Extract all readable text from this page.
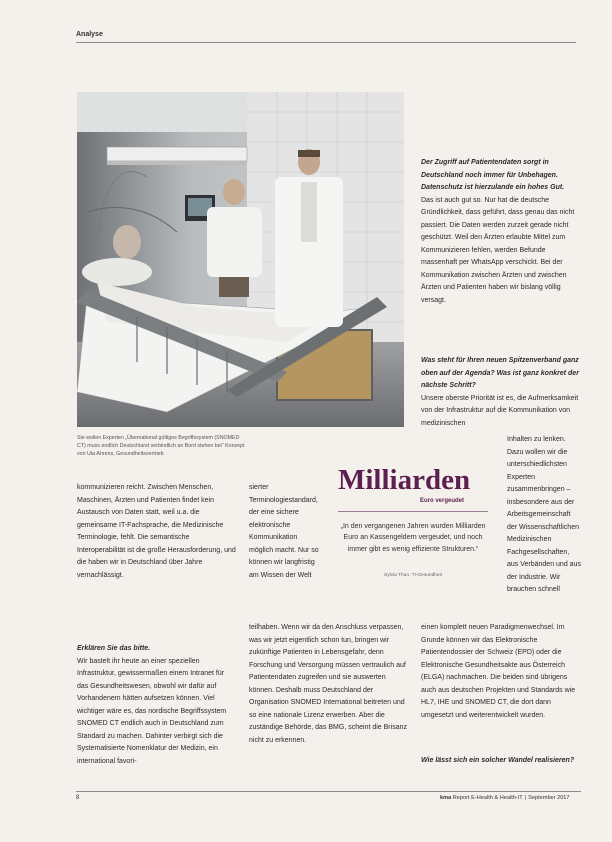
Analyse
Sie wollen Experten „Übernational gültiges Begriffssystem (SNOMED CT) muss endlich Deutschland verbindlich an Bord stehen bei“ Konzept von Uta Ahrens, Gesundheitsvertrieb
Der Zugriff auf Patientendaten sorgt in Deutschland noch immer für Unbehagen. Datenschutz ist hierzulande ein hohes Gut.
Das ist auch gut so. Nur hat die deutsche Gründlichkeit, dass geführt, dass genau das nicht passiert. Die Daten werden zurzeit gerade nicht geschützt. Weil den Ärzten erlaubte Mittel zum Kommunizieren fehlen, werden Befunde massenhaft per WhatsApp verschickt. Bei der Kommunikation zwischen Ärzten und zwischen Ärzten und Patienten haben wir bislang völlig versagt.
Was steht für Ihren neuen Spitzenverband ganz oben auf der Agenda? Was ist ganz konkret der nächste Schritt?
Unsere oberste Priorität ist es, die Aufmerksamkeit von der Infrastruktur auf die Kommunikation von medizinischen
Inhalten zu lenken. Dazu wollen wir die unterschiedlichsten Experten zusammenbringen – insbesondere aus der Arbeitsgemeinschaft der Wissenschaftlichen Medizinischen Fachgesellschaften, aus Verbänden und aus der Industrie. Wir brauchen schnell
Milliarden
Euro vergeudet
„In den vergangenen Jahren wurden Milliarden Euro an Kassengeldern vergeudet, und noch immer gibt es wenig effiziente Strukturen.“
Sylvia Thun, TI-Gesundheit
kommunizieren reicht. Zwischen Menschen, Maschinen, Ärzten und Patienten findet kein Austausch von Daten statt, weil u.a. die gemeinsame IT-Fachsprache, die Medizinische Terminologie, fehlt. Die semantische Interoperabilität ist die große Herausforderung, und die haben wir in Deutschland über Jahre vernachlässigt.
Erklären Sie das bitte.
Wir bastelt ihr heute an einer speziellen Infrastruktur, gewissermaßen einem Intranet für das Gesundheitswesen, obwohl wir dafür auf Vorhandenem hätten aufsetzen können. Viel wichtiger wäre es, das nordische Begriffssystem SNOMED CT endlich auch in Deutschland zum Standard zu machen. Dahinter verbirgt sich die Systematisierte Nomenklatur der Medizin, ein international favori-
sierter Terminologiestandard, der eine sichere elektronische Kommunikation möglich macht. Nur so können wir langfristig am Wissen der Welt
teilhaben. Wenn wir da den Anschluss verpassen, was wir jetzt eigentlich schon tun, bringen wir zukünftige Patienten in Lebensgefahr, denn Forschung und Versorgung müssen vertraulich auf Patientendaten zugreifen und sie auswerten können. Deshalb muss Deutschland der Organisation SNOMED International beitreten und so eine nationale Lizenz erwerben. Aber die zuständige Behörde, das BMG, scheint die Brisanz nicht zu erkennen.
einen komplett neuen Paradigmenwechsel. Im Grunde können wir das Elektronische Patientendossier der Schweiz (EPD) oder die Elektronische Gesundheitsakte aus Österreich (ELGA) nachmachen. Die beiden sind übrigens auch aus deutschen Projekten und Standards wie HL7, IHE und SNOMED CT, die dort dann umgesetzt und weiterentwickelt wurden.
Wie lässt sich ein solcher Wandel realisieren?
8	kma Report E-Health & Health-IT | September 2017
